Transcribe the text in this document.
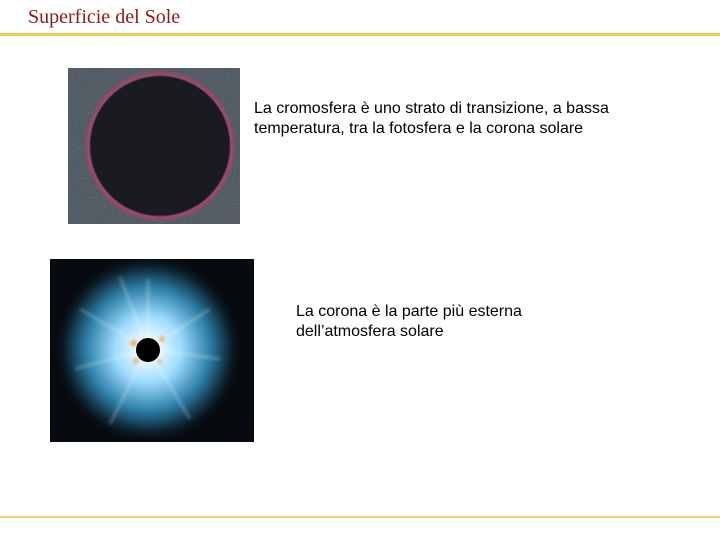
Superficie del Sole

La cromosfera è uno strato di transizione, a bassa temperatura, tra la fotosfera e la corona solare

La corona è la parte più esterna dell’atmosfera solare
